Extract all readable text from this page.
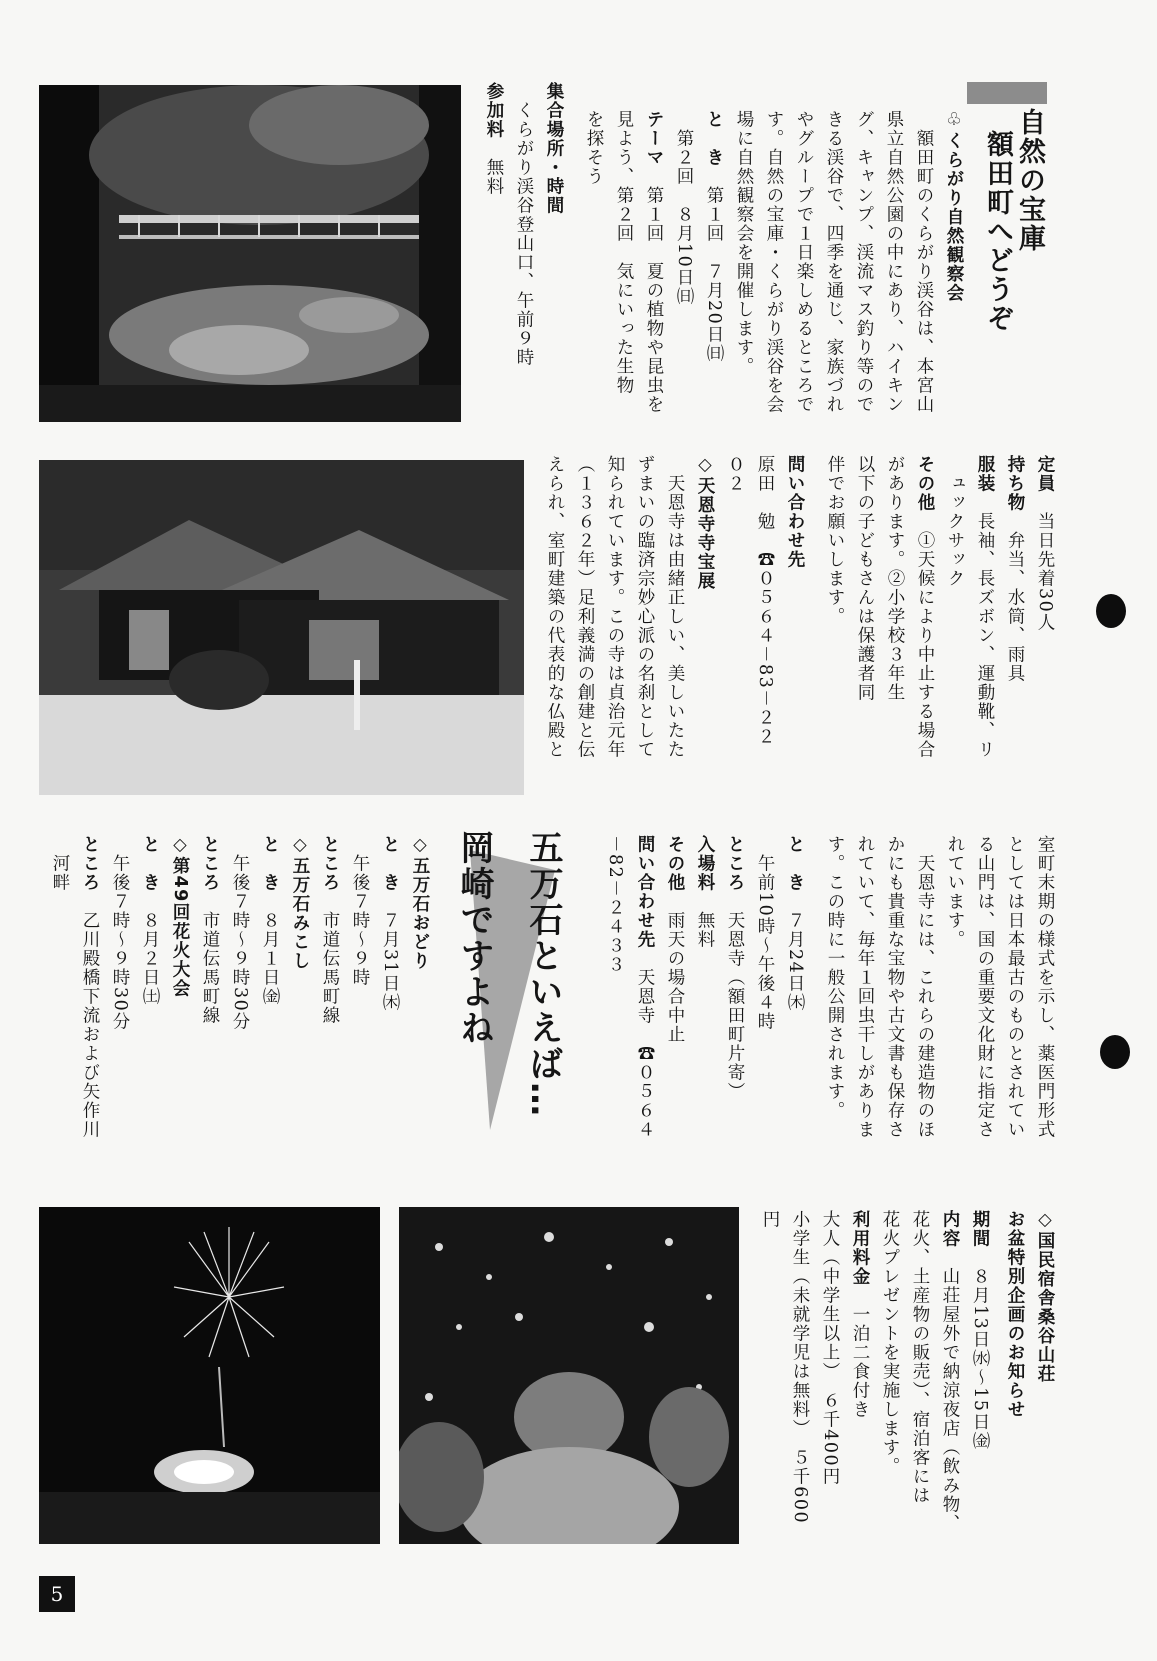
自然の宝庫
額田町へどうぞ
♧くらがり自然観察会
　額田町のくらがり渓谷は、本宮山
県立自然公園の中にあり、ハイキン
グ、キャンプ、渓流マス釣り等ので
きる渓谷で、四季を通じ、家族づれ
やグループで１日楽しめるところで
す。自然の宝庫・くらがり渓谷を会
場に自然観察会を開催します。
と　き　第１回　７月20日㈰
　第２回　８月10日㈰
テーマ　第１回　夏の植物や昆虫を
見よう、第２回　気にいった生物
を探そう
集合場所・時間
　くらがり渓谷登山口、午前９時
参加料　無料
定員　当日先着30人
持ち物　弁当、水筒、雨具
服装　長袖、長ズボン、運動靴、リ
　ュックサック
その他　①天候により中止する場合
があります。②小学校３年生
以下の子どもさんは保護者同
伴でお願いします。
問い合わせ先
原田　勉　☎０５６４－83－２２
０２
◇天恩寺寺宝展
　天恩寺は由緒正しい、美しいたた
ずまいの臨済宗妙心派の名刹として
知られています。この寺は貞治元年
（１３６２年）足利義満の創建と伝
えられ、室町建築の代表的な仏殿と
室町末期の様式を示し、薬医門形式
としては日本最古のものとされてい
る山門は、国の重要文化財に指定さ
れています。
　天恩寺には、これらの建造物のほ
かにも貴重な宝物や古文書も保存さ
れていて、毎年１回虫干しがありま
す。この時に一般公開されます。
と　き　７月24日㈭
　午前10時～午後４時
ところ　天恩寺（額田町片寄）
入場料　無料
その他　雨天の場合中止
問い合わせ先　天恩寺　☎０５６４
－82－２４３３
五万石といえば…
岡崎ですよね
◇五万石おどり
と　き　７月31日㈭
　午後７時～９時
ところ　市道伝馬町線
◇五万石みこし
と　き　８月１日㈮
　午後７時～９時30分
ところ　市道伝馬町線
◇第49回花火大会
と　き　８月２日㈯
　午後７時～９時30分
ところ　乙川殿橋下流および矢作川
　河畔
◇国民宿舎桑谷山荘
お盆特別企画のお知らせ
期間　８月13日㈬～15日㈮
内容　山荘屋外で納涼夜店（飲み物、
花火、土産物の販売）、宿泊客には
花火プレゼントを実施します。
利用料金　一泊二食付き
大人（中学生以上）　６千400円
小学生（未就学児は無料）　５千600
円
5
